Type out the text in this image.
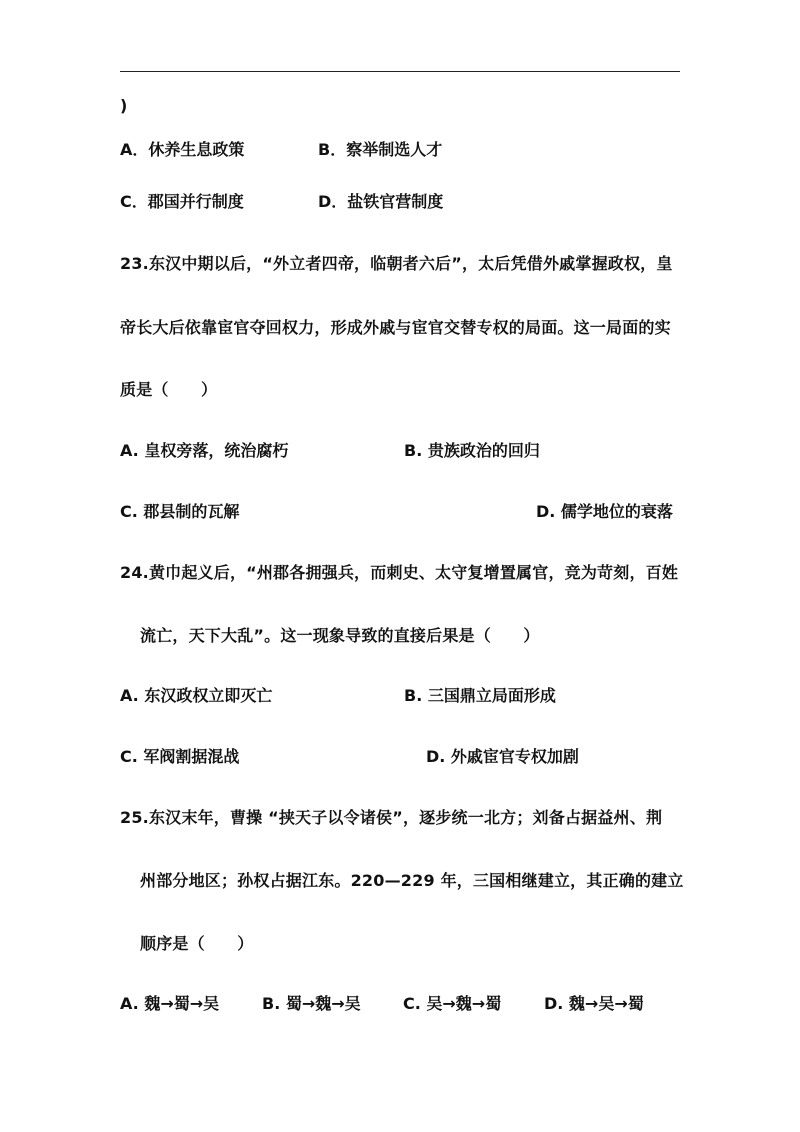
)
A．休养生息政策	B．察举制选人才
C．郡国并行制度	D．盐铁官营制度
23.东汉中期以后，“外立者四帝，临朝者六后”，太后凭借外戚掌握政权，皇
帝长大后依靠宦官夺回权力，形成外戚与宦官交替专权的局面。这一局面的实
质是（　　）
A. 皇权旁落，统治腐朽	B. 贵族政治的回归
C. 郡县制的瓦解	D. 儒学地位的衰落
24.黄巾起义后，“州郡各拥强兵，而刺史、太守复增置属官，竞为苛刻，百姓
流亡，天下大乱”。这一现象导致的直接后果是（　　）
A. 东汉政权立即灭亡	B. 三国鼎立局面形成
C. 军阀割据混战	D. 外戚宦官专权加剧
25.东汉末年，曹操 “挟天子以令诸侯”，逐步统一北方；刘备占据益州、荆
州部分地区；孙权占据江东。220—229 年，三国相继建立，其正确的建立
顺序是（　　）
A. 魏→蜀→吴	B. 蜀→魏→吴	C. 吴→魏→蜀	D. 魏→吴→蜀
